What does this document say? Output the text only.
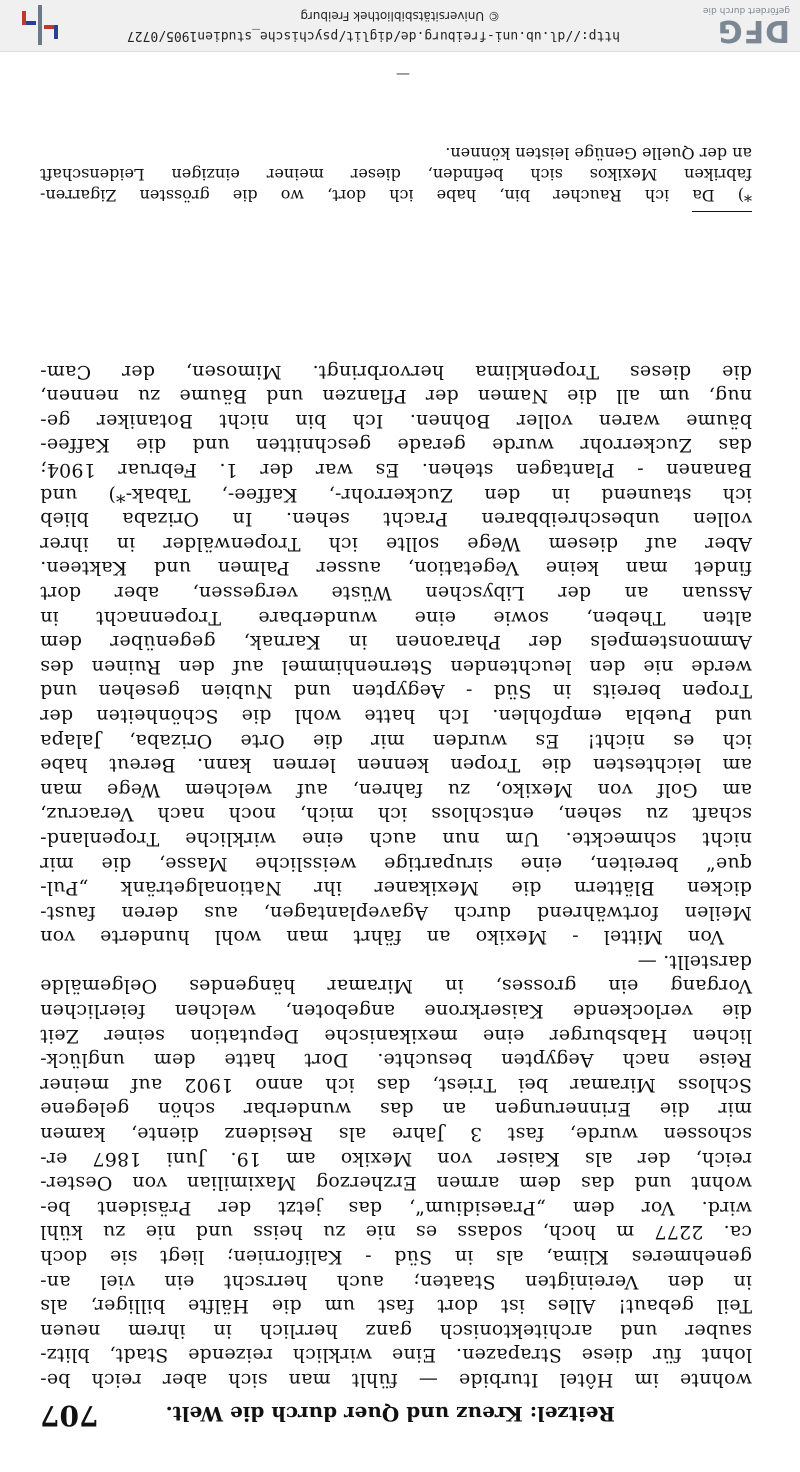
Reitzel: Kreuz und Quer durch die Welt.
707
wohnte im Hôtel Iturbide — fühlt man sich aber reich be-
lohnt für diese Strapazen. Eine wirklich reizende Stadt, blitz-
sauber und architektonisch ganz herrlich in ihrem neuen
Teil gebaut! Alles ist dort fast um die Hälfte billiger, als
in den Vereinigten Staaten; auch herrscht ein viel an-
genehmeres Klima, als in Süd - Kalifornien; liegt sie doch
ca. 2277 m hoch, sodass es nie zu heiss und nie zu kühl
wird. Vor dem „Praesidium“, das jetzt der Präsident be-
wohnt und das dem armen Erzherzog Maximilian von Oester-
reich, der als Kaiser von Mexiko am 19. Juni 1867 er-
schossen wurde, fast 3 Jahre als Residenz diente, kamen
mir die Erinnerungen an das wunderbar schön gelegene
Schloss Miramar bei Triest, das ich anno 1902 auf meiner
Reise nach Aegypten besuchte. Dort hatte dem unglück-
lichen Habsburger eine mexikanische Deputation seiner Zeit
die verlockende Kaiserkrone angeboten, welchen feierlichen
Vorgang ein grosses, in Miramar hängendes Oelgemälde
darstellt. —
Von Mittel - Mexiko an fährt man wohl hunderte von
Meilen fortwährend durch Agaveplantagen, aus deren faust-
dicken Blättern die Mexikaner ihr Nationalgetränk „Pul-
que“ bereiten, eine sirupartige weissliche Masse, die mir
nicht schmeckte. Um nun auch eine wirkliche Tropenland-
schaft zu sehen, entschloss ich mich, noch nach Veracruz,
am Golf von Mexiko, zu fahren, auf welchem Wege man
am leichtesten die Tropen kennen lernen kann. Bereut habe
ich es nicht! Es wurden mir die Orte Orizaba, Jalapa
und Puebla empfohlen. Ich hatte wohl die Schönheiten der
Tropen bereits in Süd - Aegypten und Nubien gesehen und
werde nie den leuchtenden Sternenhimmel auf den Ruinen des
Ammonstempels der Pharaonen in Karnak, gegenüber dem
alten Theben, sowie eine wunderbare Tropennacht in
Assuan an der Libyschen Wüste vergessen, aber dort
findet man keine Vegetation, ausser Palmen und Kakteen.
Aber auf diesem Wege sollte ich Tropenwälder in ihrer
vollen unbeschreibbaren Pracht sehen. In Orizaba blieb
ich staunend in den Zuckerrohr-, Kaffee-, Tabak-*) und
Bananen - Plantagen stehen. Es war der 1. Februar 1904;
das Zuckerrohr wurde gerade geschnitten und die Kaffee-
bäume waren voller Bohnen. Ich bin nicht Botaniker ge-
nug, um all die Namen der Pflanzen und Bäume zu nennen,
die dieses Tropenklima hervorbringt. Mimosen, der Cam-
*) Da ich Raucher bin, habe ich dort, wo die grössten Zigarren-
fabriken Mexikos sich befinden, dieser meiner einzigen Leidenschaft
an der Quelle Genüge leisten können.
—
DFG
gefördert durch die
http://dl.ub.uni-freiburg.de/diglit/psychische_studien1905/0727
© Universitätsbibliothek Freiburg
